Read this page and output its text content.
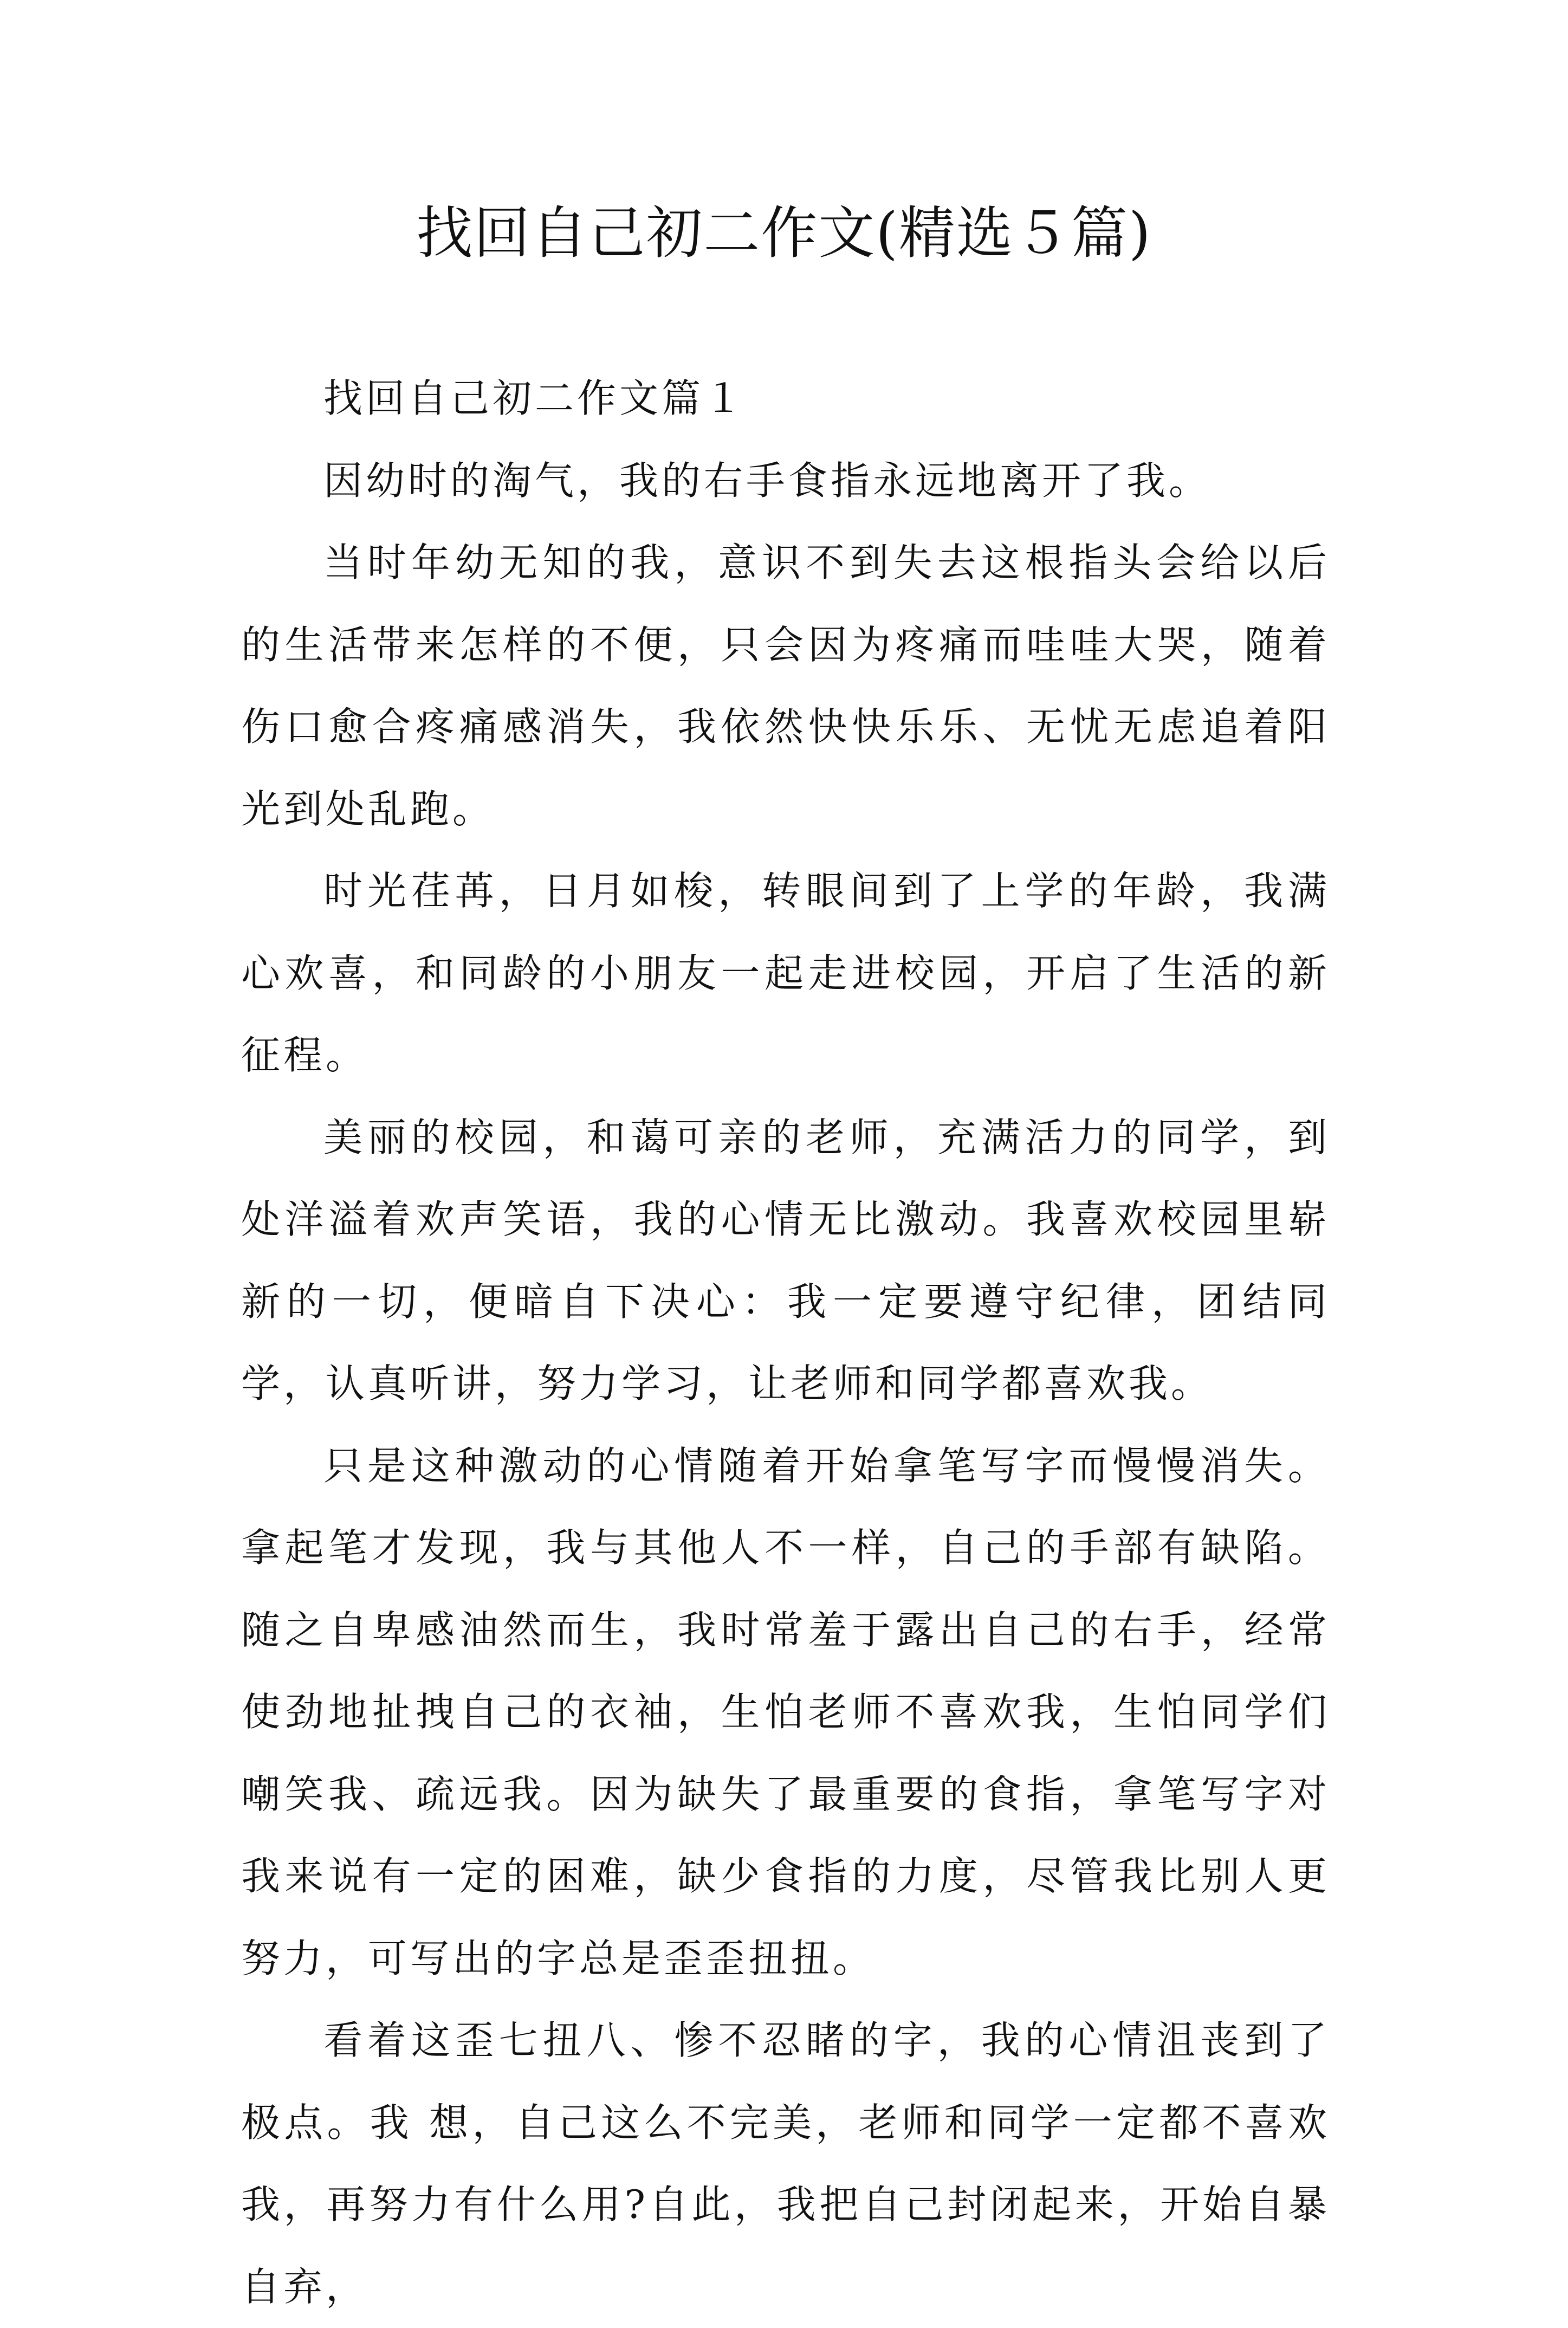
找回自己初二作文(精选５篇)

找回自己初二作文篇１

因幼时的淘气，我的右手食指永远地离开了我。

当时年幼无知的我，意识不到失去这根指头会给以后的生活带来怎样的不便，只会因为疼痛而哇哇大哭，随着伤口愈合疼痛感消失，我依然快快乐乐、无忧无虑追着阳光到处乱跑。

时光荏苒，日月如梭，转眼间到了上学的年龄，我满心欢喜，和同龄的小朋友一起走进校园，开启了生活的新征程。

美丽的校园，和蔼可亲的老师，充满活力的同学，到处洋溢着欢声笑语，我的心情无比激动。我喜欢校园里崭新的一切，便暗自下决心：我一定要遵守纪律，团结同学，认真听讲，努力学习，让老师和同学都喜欢我。

只是这种激动的心情随着开始拿笔写字而慢慢消失。拿起笔才发现，我与其他人不一样，自己的手部有缺陷。随之自卑感油然而生，我时常羞于露出自己的右手，经常使劲地扯拽自己的衣袖，生怕老师不喜欢我，生怕同学们嘲笑我、疏远我。因为缺失了最重要的食指，拿笔写字对我来说有一定的困难，缺少食指的力度，尽管我比别人更努力，可写出的字总是歪歪扭扭。

看着这歪七扭八、惨不忍睹的字，我的心情沮丧到了极点。我 想，自己这么不完美，老师和同学一定都不喜欢我，再努力有什么用?自此，我把自己封闭起来，开始自暴自弃，
